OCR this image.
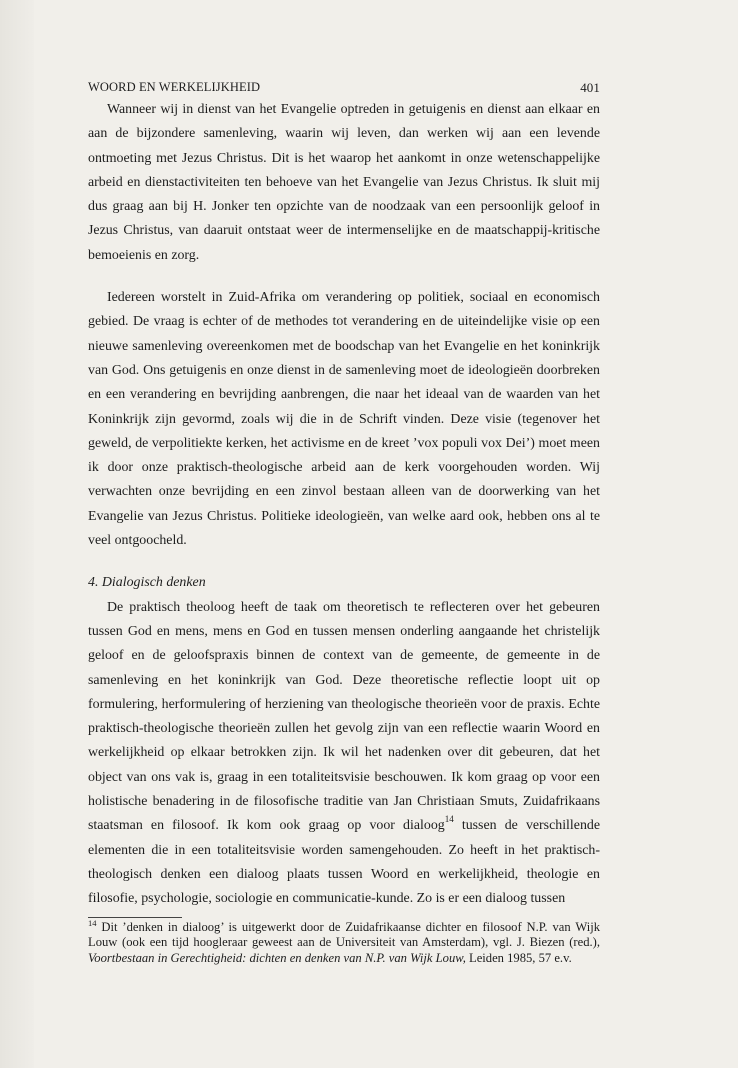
WOORD EN WERKELIJKHEID	401

Wanneer wij in dienst van het Evangelie optreden in getuigenis en dienst aan elkaar en aan de bijzondere samenleving, waarin wij leven, dan werken wij aan een levende ontmoeting met Jezus Christus. Dit is het waarop het aankomt in onze wetenschappelijke arbeid en dienstactiviteiten ten behoeve van het Evangelie van Jezus Christus. Ik sluit mij dus graag aan bij H. Jonker ten opzichte van de noodzaak van een persoonlijk geloof in Jezus Christus, van daaruit ontstaat weer de intermenselijke en de maatschappij-kritische bemoeienis en zorg.

Iedereen worstelt in Zuid-Afrika om verandering op politiek, sociaal en economisch gebied. De vraag is echter of de methodes tot verandering en de uiteindelijke visie op een nieuwe samenleving overeenkomen met de boodschap van het Evangelie en het koninkrijk van God. Ons getuigenis en onze dienst in de samenleving moet de ideologieën doorbreken en een verandering en bevrijding aanbrengen, die naar het ideaal van de waarden van het Koninkrijk zijn gevormd, zoals wij die in de Schrift vinden. Deze visie (tegenover het geweld, de verpolitiekte kerken, het activisme en de kreet ’vox populi vox Dei’) moet meen ik door onze praktisch-theologische arbeid aan de kerk voorgehouden worden. Wij verwachten onze bevrijding en een zinvol bestaan alleen van de doorwerking van het Evangelie van Jezus Christus. Politieke ideologieën, van welke aard ook, hebben ons al te veel ontgoocheld.

4. Dialogisch denken

De praktisch theoloog heeft de taak om theoretisch te reflecteren over het gebeuren tussen God en mens, mens en God en tussen mensen onderling aangaande het christelijk geloof en de geloofspraxis binnen de context van de gemeente, de gemeente in de samenleving en het koninkrijk van God. Deze theoretische reflectie loopt uit op formulering, herformulering of herziening van theologische theorieën voor de praxis. Echte praktisch-theologische theorieën zullen het gevolg zijn van een reflectie waarin Woord en werkelijkheid op elkaar betrokken zijn. Ik wil het nadenken over dit gebeuren, dat het object van ons vak is, graag in een totaliteitsvisie beschouwen. Ik kom graag op voor een holistische benadering in de filosofische traditie van Jan Christiaan Smuts, Zuidafrikaans staatsman en filosoof. Ik kom ook graag op voor dialoog$^{14}$ tussen de verschillende elementen die in een totaliteitsvisie worden samengehouden. Zo heeft in het praktisch-theologisch denken een dialoog plaats tussen Woord en werkelijkheid, theologie en filosofie, psychologie, sociologie en communicatie-kunde. Zo is er een dialoog tussen

$^{14}$ Dit ’denken in dialoog’ is uitgewerkt door de Zuidafrikaanse dichter en filosoof N.P. van Wijk Louw (ook een tijd hoogleraar geweest aan de Universiteit van Amsterdam), vgl. J. Biezen (red.), Voortbestaan in Gerechtigheid: dichten en denken van N.P. van Wijk Louw, Leiden 1985, 57 e.v.
